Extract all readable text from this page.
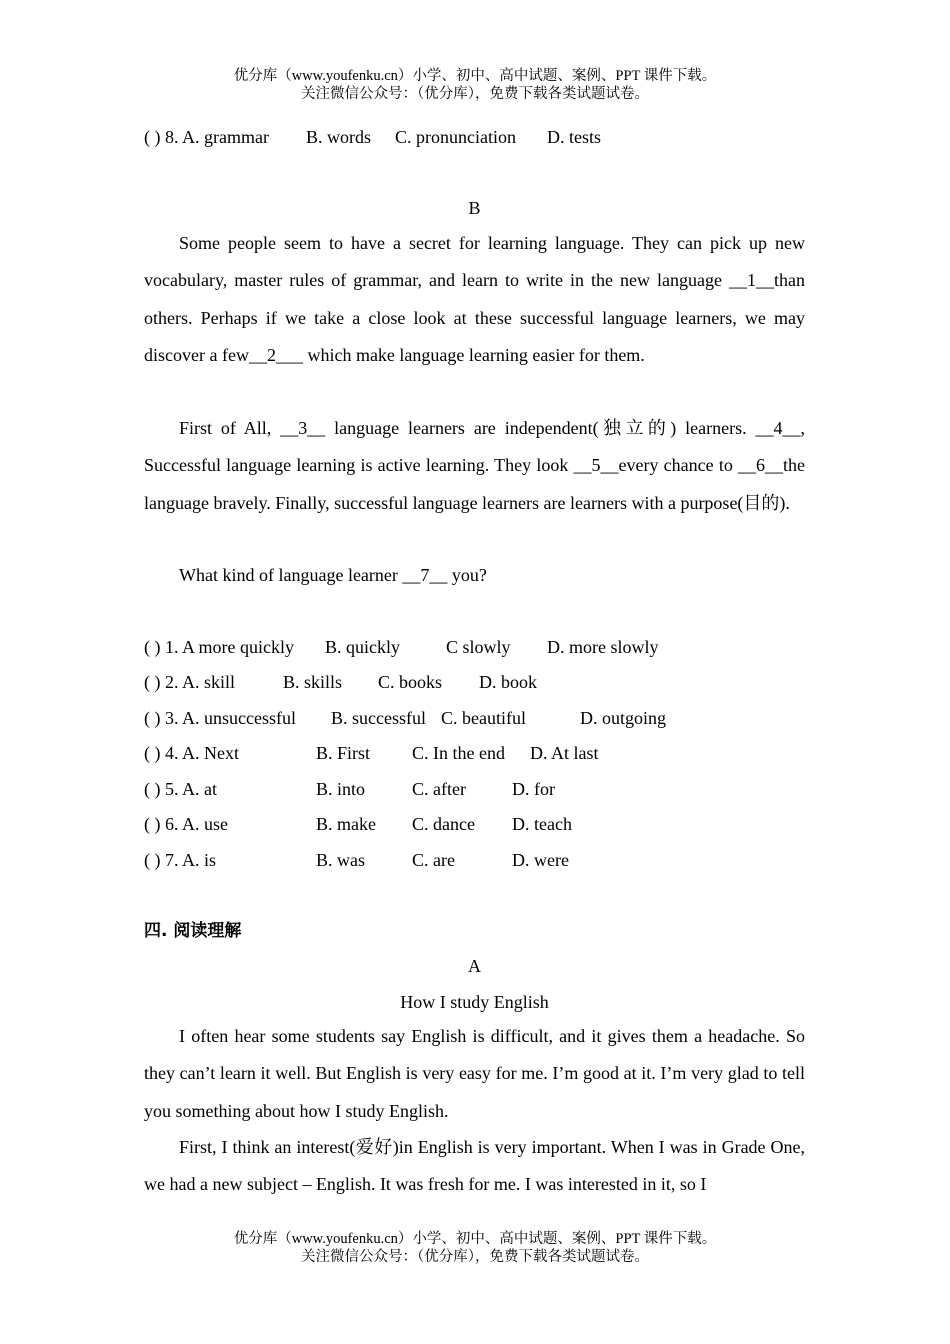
优分库（www.youfenku.cn）小学、初中、高中试题、案例、PPT 课件下载。
关注微信公众号：（优分库），免费下载各类试题试卷。
( ) 8. A. grammar B. words C. pronunciation D. tests
B
Some people seem to have a secret for learning language. They can pick up new vocabulary, master rules of grammar, and learn to write in the new language __1__than others. Perhaps if we take a close look at these successful language learners, we may discover a few__2___ which make language learning easier for them.
First of All, __3__ language learners are independent(独立的) learners. __4__, Successful language learning is active learning. They look __5__every chance to __6__the language bravely. Finally, successful language learners are learners with a purpose(目的).
What kind of language learner __7__ you?
( ) 1. A more quickly B. quickly	C slowly D. more slowly
( ) 2. A. skill	B. skills C. books D. book
( ) 3. A. unsuccessful B. successful C. beautiful	D. outgoing
( ) 4. A. Next	B. First C. In the end D. At last
( ) 5. A. at	B. into	C. after	D. for
( ) 6. A. use	B. make C. dance D. teach
( ) 7. A. is	B. was	C. are	D. were
四. 阅读理解
A
How I study English
I often hear some students say English is difficult, and it gives them a headache. So they can’t learn it well. But English is very easy for me. I’m good at it. I’m very glad to tell you something about how I study English.
First, I think an interest(爱好)in English is very important. When I was in Grade One, we had a new subject – English. It was fresh for me. I was interested in it, so I
优分库（www.youfenku.cn）小学、初中、高中试题、案例、PPT 课件下载。
关注微信公众号：（优分库），免费下载各类试题试卷。
